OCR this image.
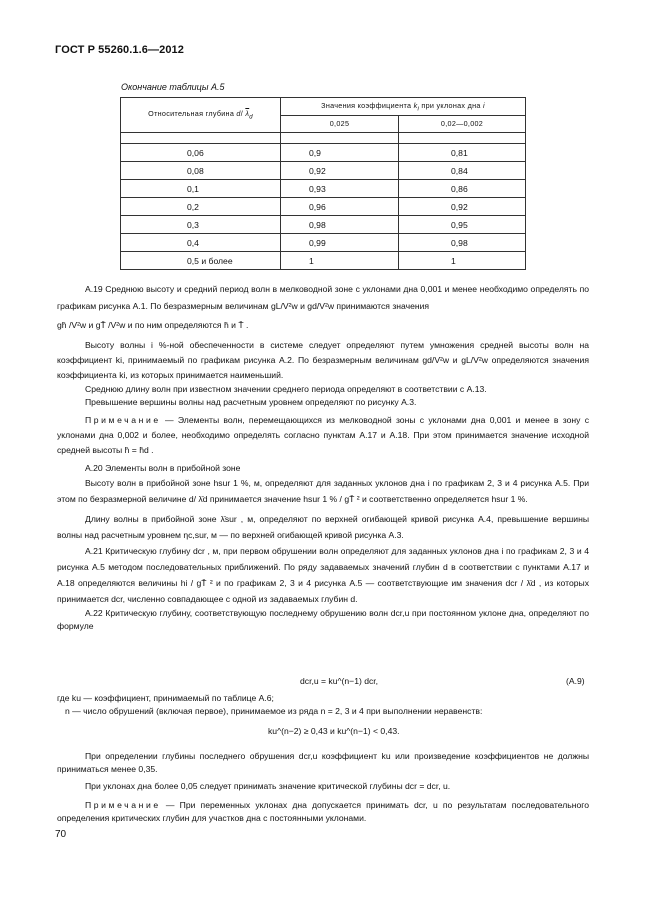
ГОСТ Р 55260.1.6—2012
Окончание таблицы А.5
Относительная глубина d/ $\overline{\lambda}_d$	Значения коэффициента $k_i$ при уклонах дна i	
	0,025	0,02—0,002

0,06	0,9	0,81
0,08	0,92	0,84
0,1	0,93	0,86
0,2	0,96	0,92
0,3	0,98	0,95
0,4	0,99	0,98
0,5 и более	1	1

А.19 Среднюю высоту и средний период волн в мелководной зоне с уклонами дна 0,001 и менее необходимо определять по графикам рисунка А.1. По безразмерным величинам gL/V²w и gd/V²w принимаются значения

gh̄ /V²w и gT̄ /V²w и по ним определяются h̄ и T̄ .

Высоту волны i %-ной обеспеченности в системе следует определяют путем умножения средней высоты волн на коэффициент ki, принимаемый по графикам рисунка А.2. По безразмерным величинам gd/V²w и gL/V²w определяются значения коэффициента ki, из которых принимается наименьший.

Среднюю длину волн при известном значении среднего периода определяют в соответствии с А.13.

Превышение вершины волны над расчетным уровнем определяют по рисунку А.3.

Примечание — Элементы волн, перемещающихся из мелководной зоны с уклонами дна 0,001 и менее в зону с уклонами дна 0,002 и более, необходимо определять согласно пунктам А.17 и А.18. При этом принимается значение исходной средней высоты h̄ = h̄d .

А.20 Элементы волн в прибойной зоне

Высоту волн в прибойной зоне hsur 1 %, м, определяют для заданных уклонов дна i по графикам 2, 3 и 4 рисунка А.5. При этом по безразмерной величине d/ λ̄d принимается значение hsur 1 % / gT̄ ² и соответственно определяется hsur 1 %.

Длину волны в прибойной зоне λ̄sur , м, определяют по верхней огибающей кривой рисунка А.4, превышение вершины волны над расчетным уровнем ηc,sur, м — по верхней огибающей кривой рисунка А.3.

А.21 Критическую глубину dcr , м, при первом обрушении волн определяют для заданных уклонов дна i по графикам 2, 3 и 4 рисунка А.5 методом последовательных приближений. По ряду задаваемых значений глубин d в соответствии с пунктами А.17 и А.18 определяются величины hi / gT̄ ² и по графикам 2, 3 и 4 рисунка А.5 — соответствующие им значения dcr / λ̄d , из которых принимается dcr, численно совпадающее с одной из задаваемых глубин d.

А.22 Критическую глубину, соответствующую последнему обрушению волн dcr,u при постоянном уклоне дна, определяют по формуле

dcr,u = ku^(n−1) dcr,	(А.9)

где ku — коэффициент, принимаемый по таблице А.6;

n — число обрушений (включая первое), принимаемое из ряда n = 2, 3 и 4 при выполнении неравенств:

ku^(n−2) ≥ 0,43 и ku^(n−1) < 0,43.

При определении глубины последнего обрушения dcr,u коэффициент ku или произведение коэффициентов не должны приниматься менее 0,35.

При уклонах дна более 0,05 следует принимать значение критической глубины dcr = dcr, u.

Примечание — При переменных уклонах дна допускается принимать dcr, u по результатам последовательного определения критических глубин для участков дна с постоянными уклонами.

70
